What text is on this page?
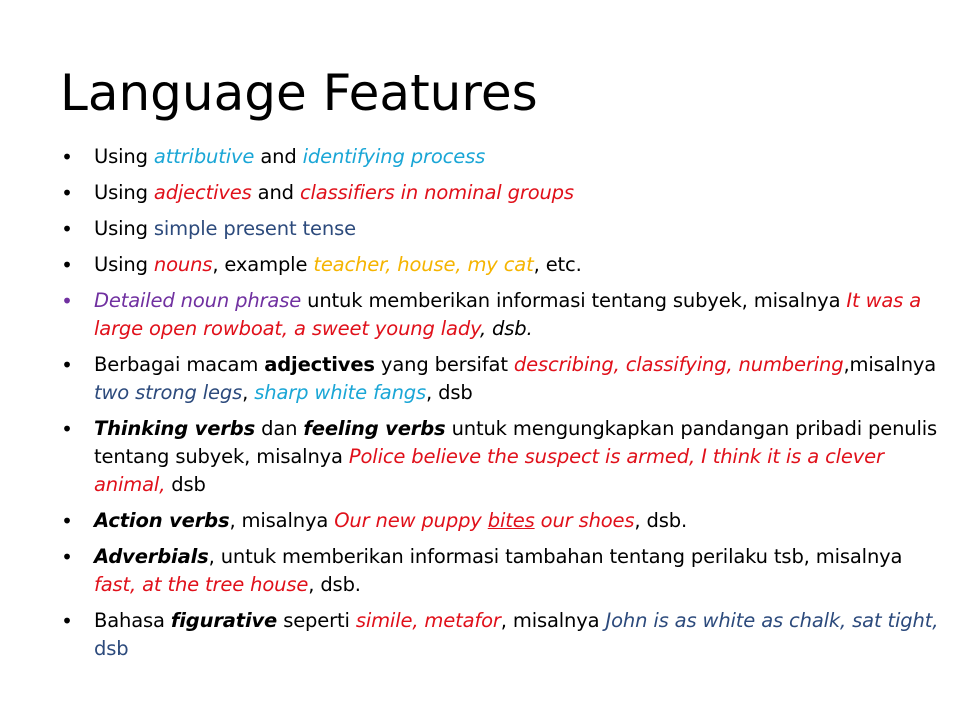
Language Features
• Using attributive and identifying process
• Using adjectives and classifiers in nominal groups
• Using simple present tense
• Using nouns, example teacher, house, my cat, etc.
• Detailed noun phrase untuk memberikan informasi tentang subyek, misalnya It was a large open rowboat, a sweet young lady, dsb.
• Berbagai macam adjectives yang bersifat describing, classifying, numbering,misalnya two strong legs, sharp white fangs, dsb
• Thinking verbs dan feeling verbs untuk mengungkapkan pandangan pribadi penulis tentang subyek, misalnya Police believe the suspect is armed, I think it is a clever animal, dsb
• Action verbs, misalnya Our new puppy bites our shoes, dsb.
• Adverbials, untuk memberikan informasi tambahan tentang perilaku tsb, misalnya fast, at the tree house, dsb.
• Bahasa figurative seperti simile, metafor, misalnya John is as white as chalk, sat tight, dsb
